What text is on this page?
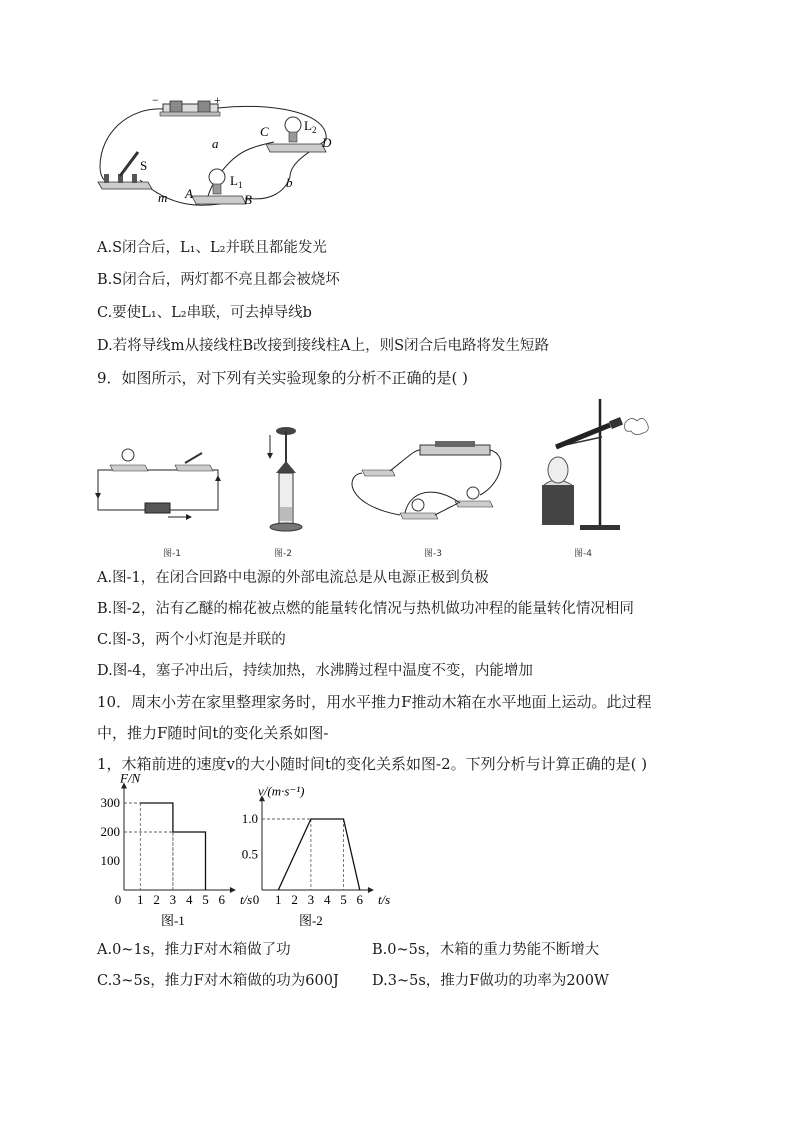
−	+
S
m
C	$L_2$
D
a
b
A
$L_1$
B
A.S闭合后，L₁、L₂并联且都能发光
B.S闭合后，两灯都不亮且都会被烧坏
C.要使L₁、L₂串联，可去掉导线b
D.若将导线m从接线柱B改接到接线柱A上，则S闭合后电路将发生短路
9．如图所示，对下列有关实验现象的分析不正确的是( )
图-1	图-2	图-3	图-4
A.图-1，在闭合回路中电源的外部电流总是从电源正极到负极
B.图-2，沾有乙醚的棉花被点燃的能量转化情况与热机做功冲程的能量转化情况相同
C.图-3，两个小灯泡是并联的
D.图-4，塞子冲出后，持续加热，水沸腾过程中温度不变，内能增加
10．周末小芳在家里整理家务时，用水平推力F推动木箱在水平地面上运动。此过程
中，推力F随时间t的变化关系如图-
1，木箱前进的速度v的大小随时间t的变化关系如图-2。下列分析与计算正确的是( )
0 1 2 3 4 5 6
100
200
300
t/s
F/N
图-1
0 1 2 3 4 5 6
0.5
1.0
t/s
v/(m·s⁻¹)
图-2
A.0~1s，推力F对木箱做了功	B.0~5s，木箱的重力势能不断增大
C.3~5s，推力F对木箱做的功为600J D.3~5s，推力F做功的功率为200W
